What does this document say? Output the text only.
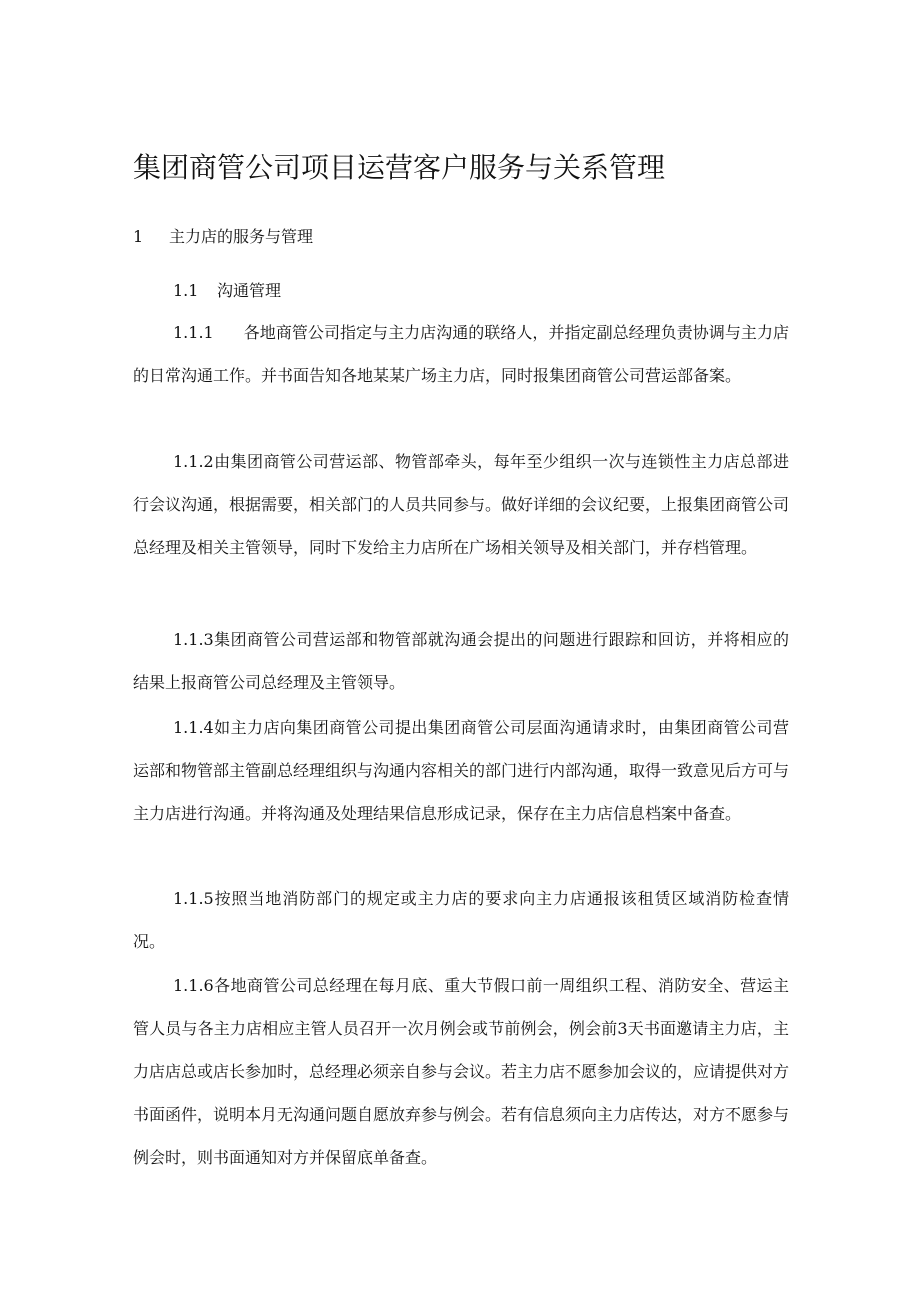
集团商管公司项目运营客户服务与关系管理
1 主力店的服务与管理
1.1 沟通管理

1.1.1 各地商管公司指定与主力店沟通的联络人，并指定副总经理负责协调与主力店的日常沟通工作。并书面告知各地某某广场主力店，同时报集团商管公司营运部备案。

1.1.2由集团商管公司营运部、物管部牵头，每年至少组织一次与连锁性主力店总部进行会议沟通，根据需要，相关部门的人员共同参与。做好详细的会议纪要，上报集团商管公司总经理及相关主管领导，同时下发给主力店所在广场相关领导及相关部门，并存档管理。

1.1.3集团商管公司营运部和物管部就沟通会提出的问题进行跟踪和回访，并将相应的结果上报商管公司总经理及主管领导。

1.1.4如主力店向集团商管公司提出集团商管公司层面沟通请求时，由集团商管公司营运部和物管部主管副总经理组织与沟通内容相关的部门进行内部沟通，取得一致意见后方可与主力店进行沟通。并将沟通及处理结果信息形成记录，保存在主力店信息档案中备查。

1.1.5按照当地消防部门的规定或主力店的要求向主力店通报该租赁区域消防检查情况。

1.1.6各地商管公司总经理在每月底、重大节假口前一周组织工程、消防安全、营运主管人员与各主力店相应主管人员召开一次月例会或节前例会，例会前3天书面邀请主力店，主力店店总或店长参加时，总经理必须亲自参与会议。若主力店不愿参加会议的，应请提供对方书面函件，说明本月无沟通问题自愿放弃参与例会。若有信息须向主力店传达，对方不愿参与例会时，则书面通知对方并保留底单备查。
